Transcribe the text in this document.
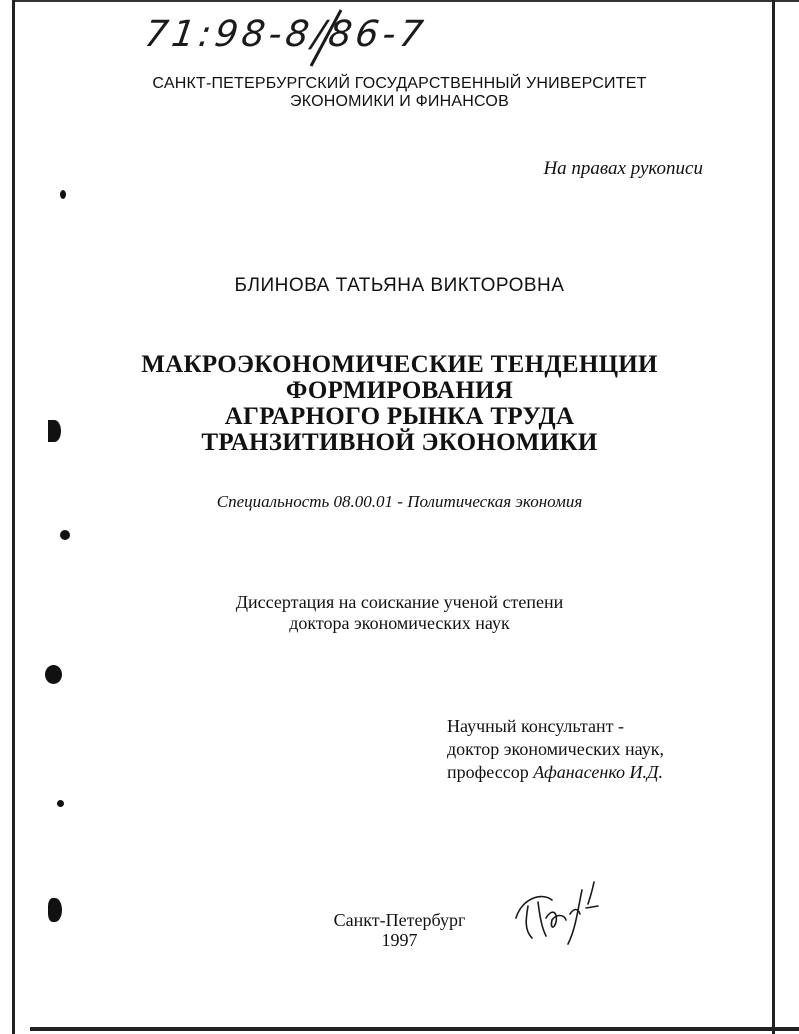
71:98-8/86-7
САНКТ-ПЕТЕРБУРГСКИЙ ГОСУДАРСТВЕННЫЙ УНИВЕРСИТЕТ
ЭКОНОМИКИ И ФИНАНСОВ
На правах рукописи
БЛИНОВА ТАТЬЯНА ВИКТОРОВНА
МАКРОЭКОНОМИЧЕСКИЕ ТЕНДЕНЦИИ
ФОРМИРОВАНИЯ
АГРАРНОГО РЫНКА ТРУДА
ТРАНЗИТИВНОЙ ЭКОНОМИКИ
Специальность 08.00.01 - Политическая экономия
Диссертация на соискание ученой степени
доктора экономических наук
Научный консультант -
доктор экономических наук,
профессор Афанасенко И.Д.
Санкт-Петербург
1997
